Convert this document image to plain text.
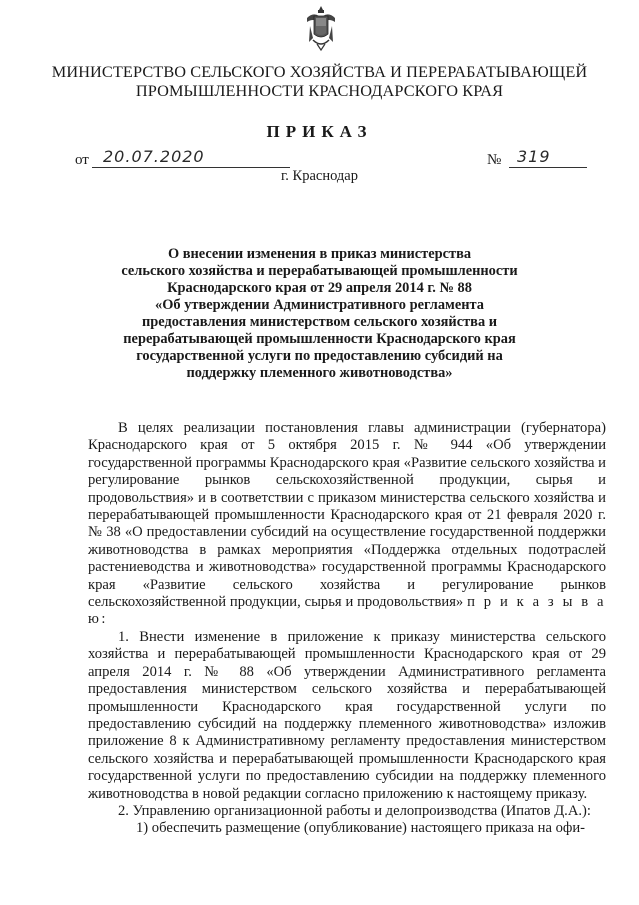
МИНИСТЕРСТВО СЕЛЬСКОГО ХОЗЯЙСТВА И ПЕРЕРАБАТЫВАЮЩЕЙ
ПРОМЫШЛЕННОСТИ КРАСНОДАРСКОГО КРАЯ
ПРИКАЗ
от 20.07.2020	№ 319
г. Краснодар
О внесении изменения в приказ министерства
сельского хозяйства и перерабатывающей промышленности
Краснодарского края от 29 апреля 2014 г. № 88
«Об утверждении Административного регламента
предоставления министерством сельского хозяйства и
перерабатывающей промышленности Краснодарского края
государственной услуги по предоставлению субсидий на
поддержку племенного животноводства»

В целях реализации постановления главы администрации (губернатора) Краснодарского края от 5 октября 2015 г. № 944 «Об утверждении государственной программы Краснодарского края «Развитие сельского хозяйства и регулирование рынков сельскохозяйственной продукции, сырья и продовольствия» и в соответствии с приказом министерства сельского хозяйства и перерабатывающей промышленности Краснодарского края от 21 февраля 2020 г. № 38 «О предоставлении субсидий на осуществление государственной поддержки животноводства в рамках мероприятия «Поддержка отдельных подотраслей растениеводства и животноводства» государственной программы Краснодарского края «Развитие сельского хозяйства и регулирование рынков сельскохозяйственной продукции, сырья и продовольствия» п р и к а з ы в а ю:

1. Внести изменение в приложение к приказу министерства сельского хозяйства и перерабатывающей промышленности Краснодарского края от 29 апреля 2014 г. № 88 «Об утверждении Административного регламента предоставления министерством сельского хозяйства и перерабатывающей промышленности Краснодарского края государственной услуги по предоставлению субсидий на поддержку племенного животноводства» изложив приложение 8 к Административному регламенту предоставления министерством сельского хозяйства и перерабатывающей промышленности Краснодарского края государственной услуги по предоставлению субсидии на поддержку племенного животноводства в новой редакции согласно приложению к настоящему приказу.

2. Управлению организационной работы и делопроизводства (Ипатов Д.А.):

1) обеспечить размещение (опубликование) настоящего приказа на офи-
